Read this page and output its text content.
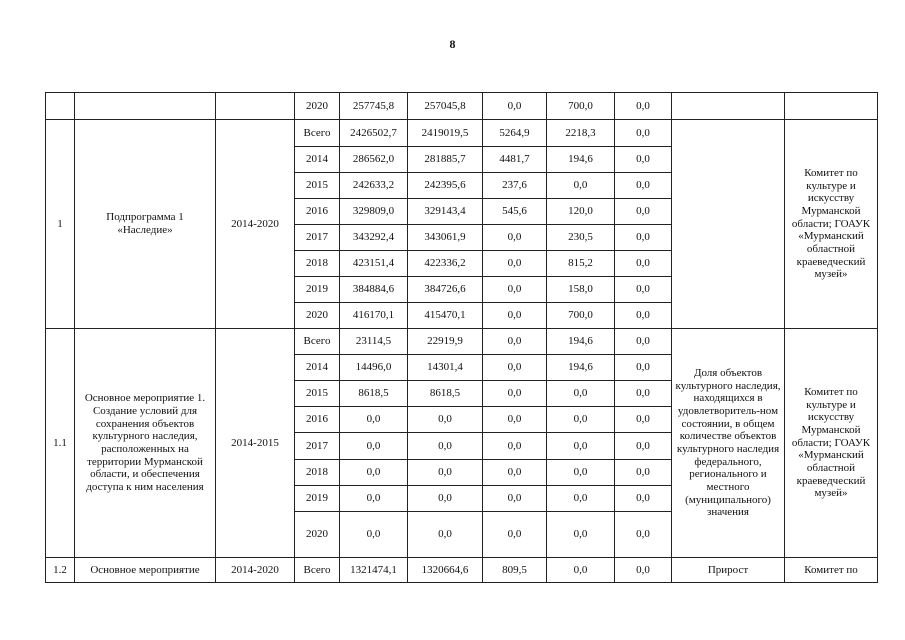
8
			2020	257745,8	257045,8	0,0	700,0	0,0		
1	Подпрограмма 1 «Наследие»	2014-2020	Всего	2426502,7	2419019,5	5264,9	2218,3	0,0		Комитет по культуре и искусству Мурманской области; ГОАУК «Мурманский областной краеведческий музей»
			2014	286562,0	281885,7	4481,7	194,6	0,0		
			2015	242633,2	242395,6	237,6	0,0	0,0		
			2016	329809,0	329143,4	545,6	120,0	0,0		
			2017	343292,4	343061,9	0,0	230,5	0,0		
			2018	423151,4	422336,2	0,0	815,2	0,0		
			2019	384884,6	384726,6	0,0	158,0	0,0		
			2020	416170,1	415470,1	0,0	700,0	0,0		
1.1	Основное мероприятие 1. Создание условий для сохранения объектов культурного наследия, расположенных на территории Мурманской области, и обеспечения доступа к ним населения	2014-2015	Всего	23114,5	22919,9	0,0	194,6	0,0	Доля объектов культурного наследия, находящихся в удовлетворитель-ном состоянии, в общем количестве объектов культурного наследия федерального, регионального и местного (муниципального) значения	Комитет по культуре и искусству Мурманской области; ГОАУК «Мурманский областной краеведческий музей»
			2014	14496,0	14301,4	0,0	194,6	0,0		
			2015	8618,5	8618,5	0,0	0,0	0,0		
			2016	0,0	0,0	0,0	0,0	0,0		
			2017	0,0	0,0	0,0	0,0	0,0		
			2018	0,0	0,0	0,0	0,0	0,0		
			2019	0,0	0,0	0,0	0,0	0,0		
			2020	0,0	0,0	0,0	0,0	0,0		
1.2	Основное мероприятие	2014-2020	Всего	1321474,1	1320664,6	809,5	0,0	0,0	Прирост	Комитет по
